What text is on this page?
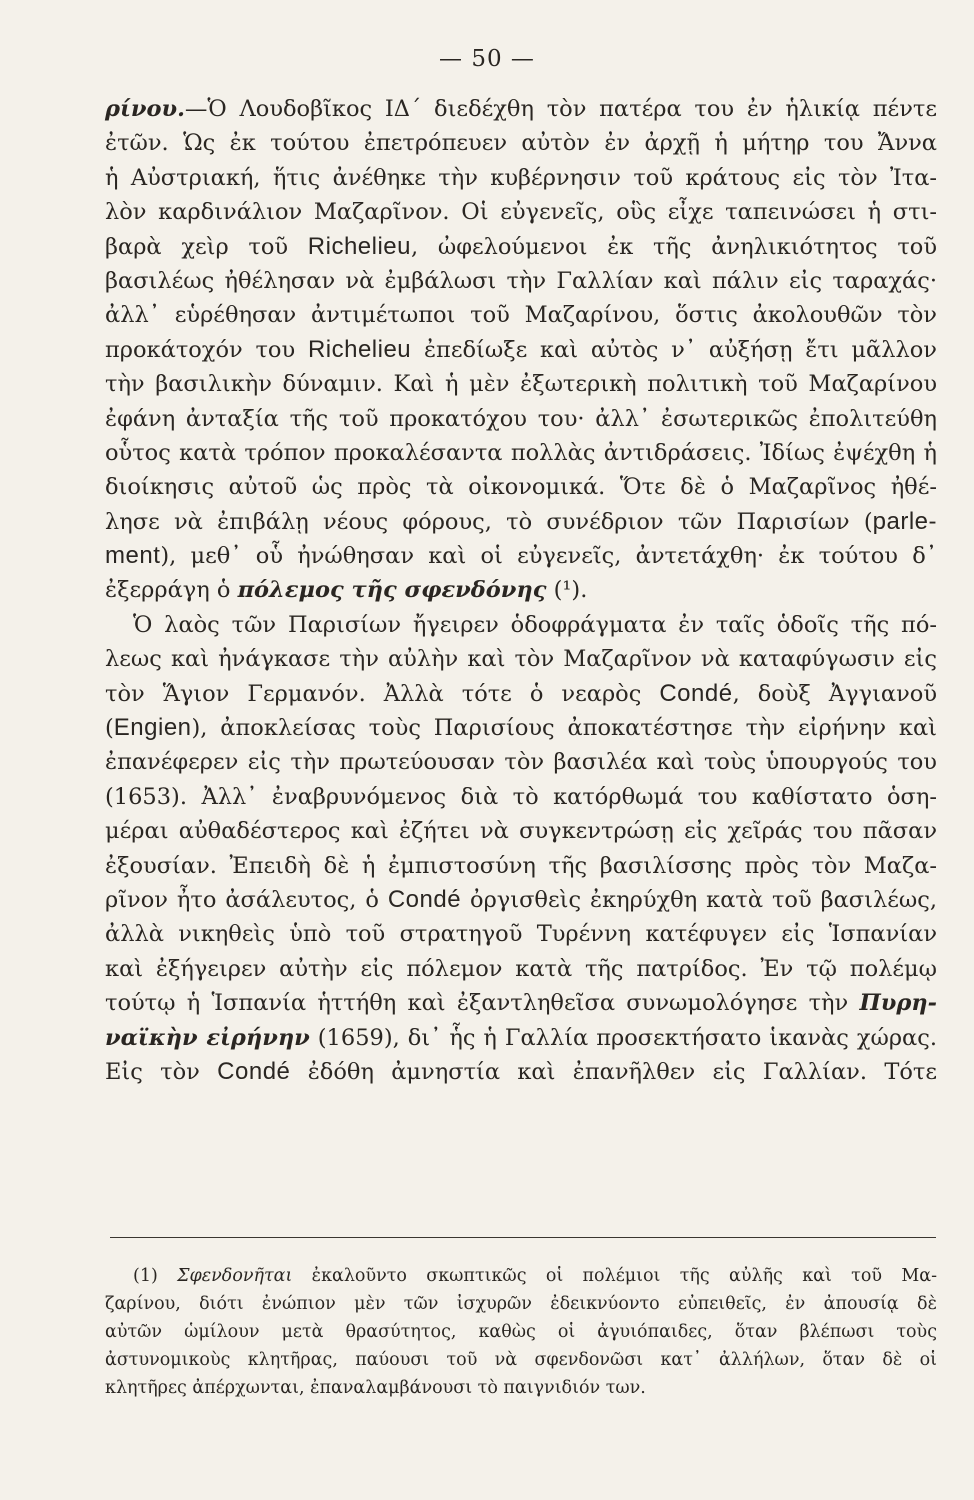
— 50 —
ρίνου.—Ὁ Λουδοβῖκος ΙΔ΄ διεδέχθη τὸν πατέρα του ἐν ἡλικίᾳ πέντε
ἐτῶν. Ὡς ἐκ τούτου ἐπετρόπευεν αὐτὸν ἐν ἀρχῇ ἡ μήτηρ του Ἄννα
ἡ Αὐστριακή, ἥτις ἀνέθηκε τὴν κυβέρνησιν τοῦ κράτους εἰς τὸν Ἰτα-
λὸν καρδινάλιον Μαζαρῖνον. Οἱ εὐγενεῖς, οὓς εἶχε ταπεινώσει ἡ στι-
βαρὰ χεὶρ τοῦ Richelieu, ὠφελούμενοι ἐκ τῆς ἀνηλικιότητος τοῦ
βασιλέως ἠθέλησαν νὰ ἐμβάλωσι τὴν Γαλλίαν καὶ πάλιν εἰς ταραχάς·
ἀλλ᾽ εὑρέθησαν ἀντιμέτωποι τοῦ Μαζαρίνου, ὅστις ἀκολουθῶν τὸν
προκάτοχόν του Richelieu ἐπεδίωξε καὶ αὐτὸς ν᾽ αὐξήσῃ ἔτι μᾶλλον
τὴν βασιλικὴν δύναμιν. Καὶ ἡ μὲν ἐξωτερικὴ πολιτικὴ τοῦ Μαζαρίνου
ἐφάνη ἀνταξία τῆς τοῦ προκατόχου του· ἀλλ᾽ ἐσωτερικῶς ἐπολιτεύθη
οὗτος κατὰ τρόπον προκαλέσαντα πολλὰς ἀντιδράσεις. Ἰδίως ἐψέχθη ἡ
διοίκησις αὐτοῦ ὡς πρὸς τὰ οἰκονομικά. Ὅτε δὲ ὁ Μαζαρῖνος ἠθέ-
λησε νὰ ἐπιβάλῃ νέους φόρους, τὸ συνέδριον τῶν Παρισίων (parle-
ment), μεθ᾽ οὗ ἠνώθησαν καὶ οἱ εὐγενεῖς, ἀντετάχθη· ἐκ τούτου δ᾽
ἐξερράγη ὁ πόλεμος τῆς σφενδόνης (¹).
Ὁ λαὸς τῶν Παρισίων ἤγειρεν ὁδοφράγματα ἐν ταῖς ὁδοῖς τῆς πό-
λεως καὶ ἠνάγκασε τὴν αὐλὴν καὶ τὸν Μαζαρῖνον νὰ καταφύγωσιν εἰς
τὸν Ἅγιον Γερμανόν. Ἀλλὰ τότε ὁ νεαρὸς Condé, δοὺξ Ἀγγιανοῦ
(Engien), ἀποκλείσας τοὺς Παρισίους ἀποκατέστησε τὴν εἰρήνην καὶ
ἐπανέφερεν εἰς τὴν πρωτεύουσαν τὸν βασιλέα καὶ τοὺς ὑπουργούς του
(1653). Ἀλλ᾽ ἐναβρυνόμενος διὰ τὸ κατόρθωμά του καθίστατο ὁση-
μέραι αὐθαδέστερος καὶ ἐζήτει νὰ συγκεντρώσῃ εἰς χεῖράς του πᾶσαν
ἐξουσίαν. Ἐπειδὴ δὲ ἡ ἐμπιστοσύνη τῆς βασιλίσσης πρὸς τὸν Μαζα-
ρῖνον ἦτο ἀσάλευτος, ὁ Condé ὀργισθεὶς ἐκηρύχθη κατὰ τοῦ βασιλέως,
ἀλλὰ νικηθεὶς ὑπὸ τοῦ στρατηγοῦ Τυρέννη κατέφυγεν εἰς Ἱσπανίαν
καὶ ἐξήγειρεν αὐτὴν εἰς πόλεμον κατὰ τῆς πατρίδος. Ἐν τῷ πολέμῳ
τούτῳ ἡ Ἱσπανία ἡττήθη καὶ ἐξαντληθεῖσα συνωμολόγησε τὴν Πυρη-
ναϊκὴν εἰρήνην (1659), δι᾽ ἧς ἡ Γαλλία προσεκτήσατο ἱκανὰς χώρας.
Εἰς τὸν Condé ἐδόθη ἀμνηστία καὶ ἐπανῆλθεν εἰς Γαλλίαν. Τότε
(1) Σφενδονῆται ἐκαλοῦντο σκωπτικῶς οἱ πολέμιοι τῆς αὐλῆς καὶ τοῦ Μα-
ζαρίνου, διότι ἐνώπιον μὲν τῶν ἰσχυρῶν ἐδεικνύοντο εὐπειθεῖς, ἐν ἀπουσίᾳ δὲ
αὐτῶν ὡμίλουν μετὰ θρασύτητος, καθὼς οἱ ἀγυιόπαιδες, ὅταν βλέπωσι τοὺς
ἀστυνομικοὺς κλητῆρας, παύουσι τοῦ νὰ σφενδονῶσι κατ᾽ ἀλλήλων, ὅταν δὲ οἱ
κλητῆρες ἀπέρχωνται, ἐπαναλαμβάνουσι τὸ παιγνιδιόν των.
